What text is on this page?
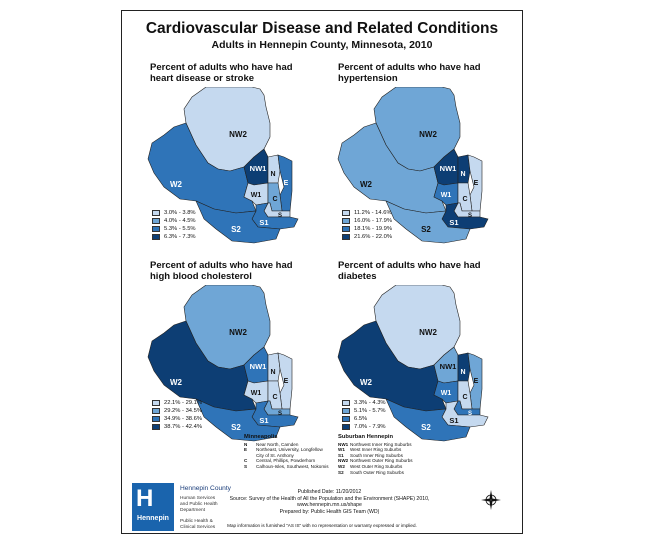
Cardiovascular Disease and Related Conditions
Adults in Hennepin County, Minnesota, 2010
Percent of adults who have had
heart disease or stroke
NW2
W2
NW1
N
E
W1
C
S
S1
S2
Percent of adults who have had
hypertension
NW2
W2
NW1
N
E
W1
C
S
S1
S2
Percent of adults who have had
high blood cholesterol
NW2
W2
NW1
N
E
W1
C
S
S1
S2
Percent of adults who have had
diabetes
NW2
W2
NW1
N
E
W1
C
S
S1
S2
3.0% - 3.8%
4.0% - 4.5%
5.3% - 5.5%
6.3% - 7.3%
11.2% - 14.6%
16.0% - 17.9%
18.1% - 19.9%
21.6% - 22.0%
22.1% - 29.1%
29.2% - 34.5%
34.9% - 38.6%
38.7% - 42.4%
3.3% - 4.3%
5.1% - 5.7%
6.5%
7.0% - 7.9%
Minneapolis
N	Near North, Camden
E	Northeast, University, Longfellow
City of St. Anthony
C	Central, Phillips, Powderhorn
S	Calhoun-Isles, Southwest, Nokomis
Suburban Hennepin
NW1 Northwest Inner Ring Suburbs
W1	West Inner Ring Suburbs
S1	South Inner Ring Suburbs
NW2 Northwest Outer Ring Suburbs
W2	West Outer Ring Suburbs
S2	South Outer Ring Suburbs
H
Hennepin
Hennepin County
Human Services
and Public Health
Department
Public Health &
Clinical Services
Published Date: 11/20/2012
Source: Survey of the Health of All the Population and the Environment (SHAPE) 2010,
www.hennepin.mn.us/shape
Prepared by: Public Health GIS Team (WD)
Map information is furnished "AS IS" with no representation or warranty expressed or implied.
